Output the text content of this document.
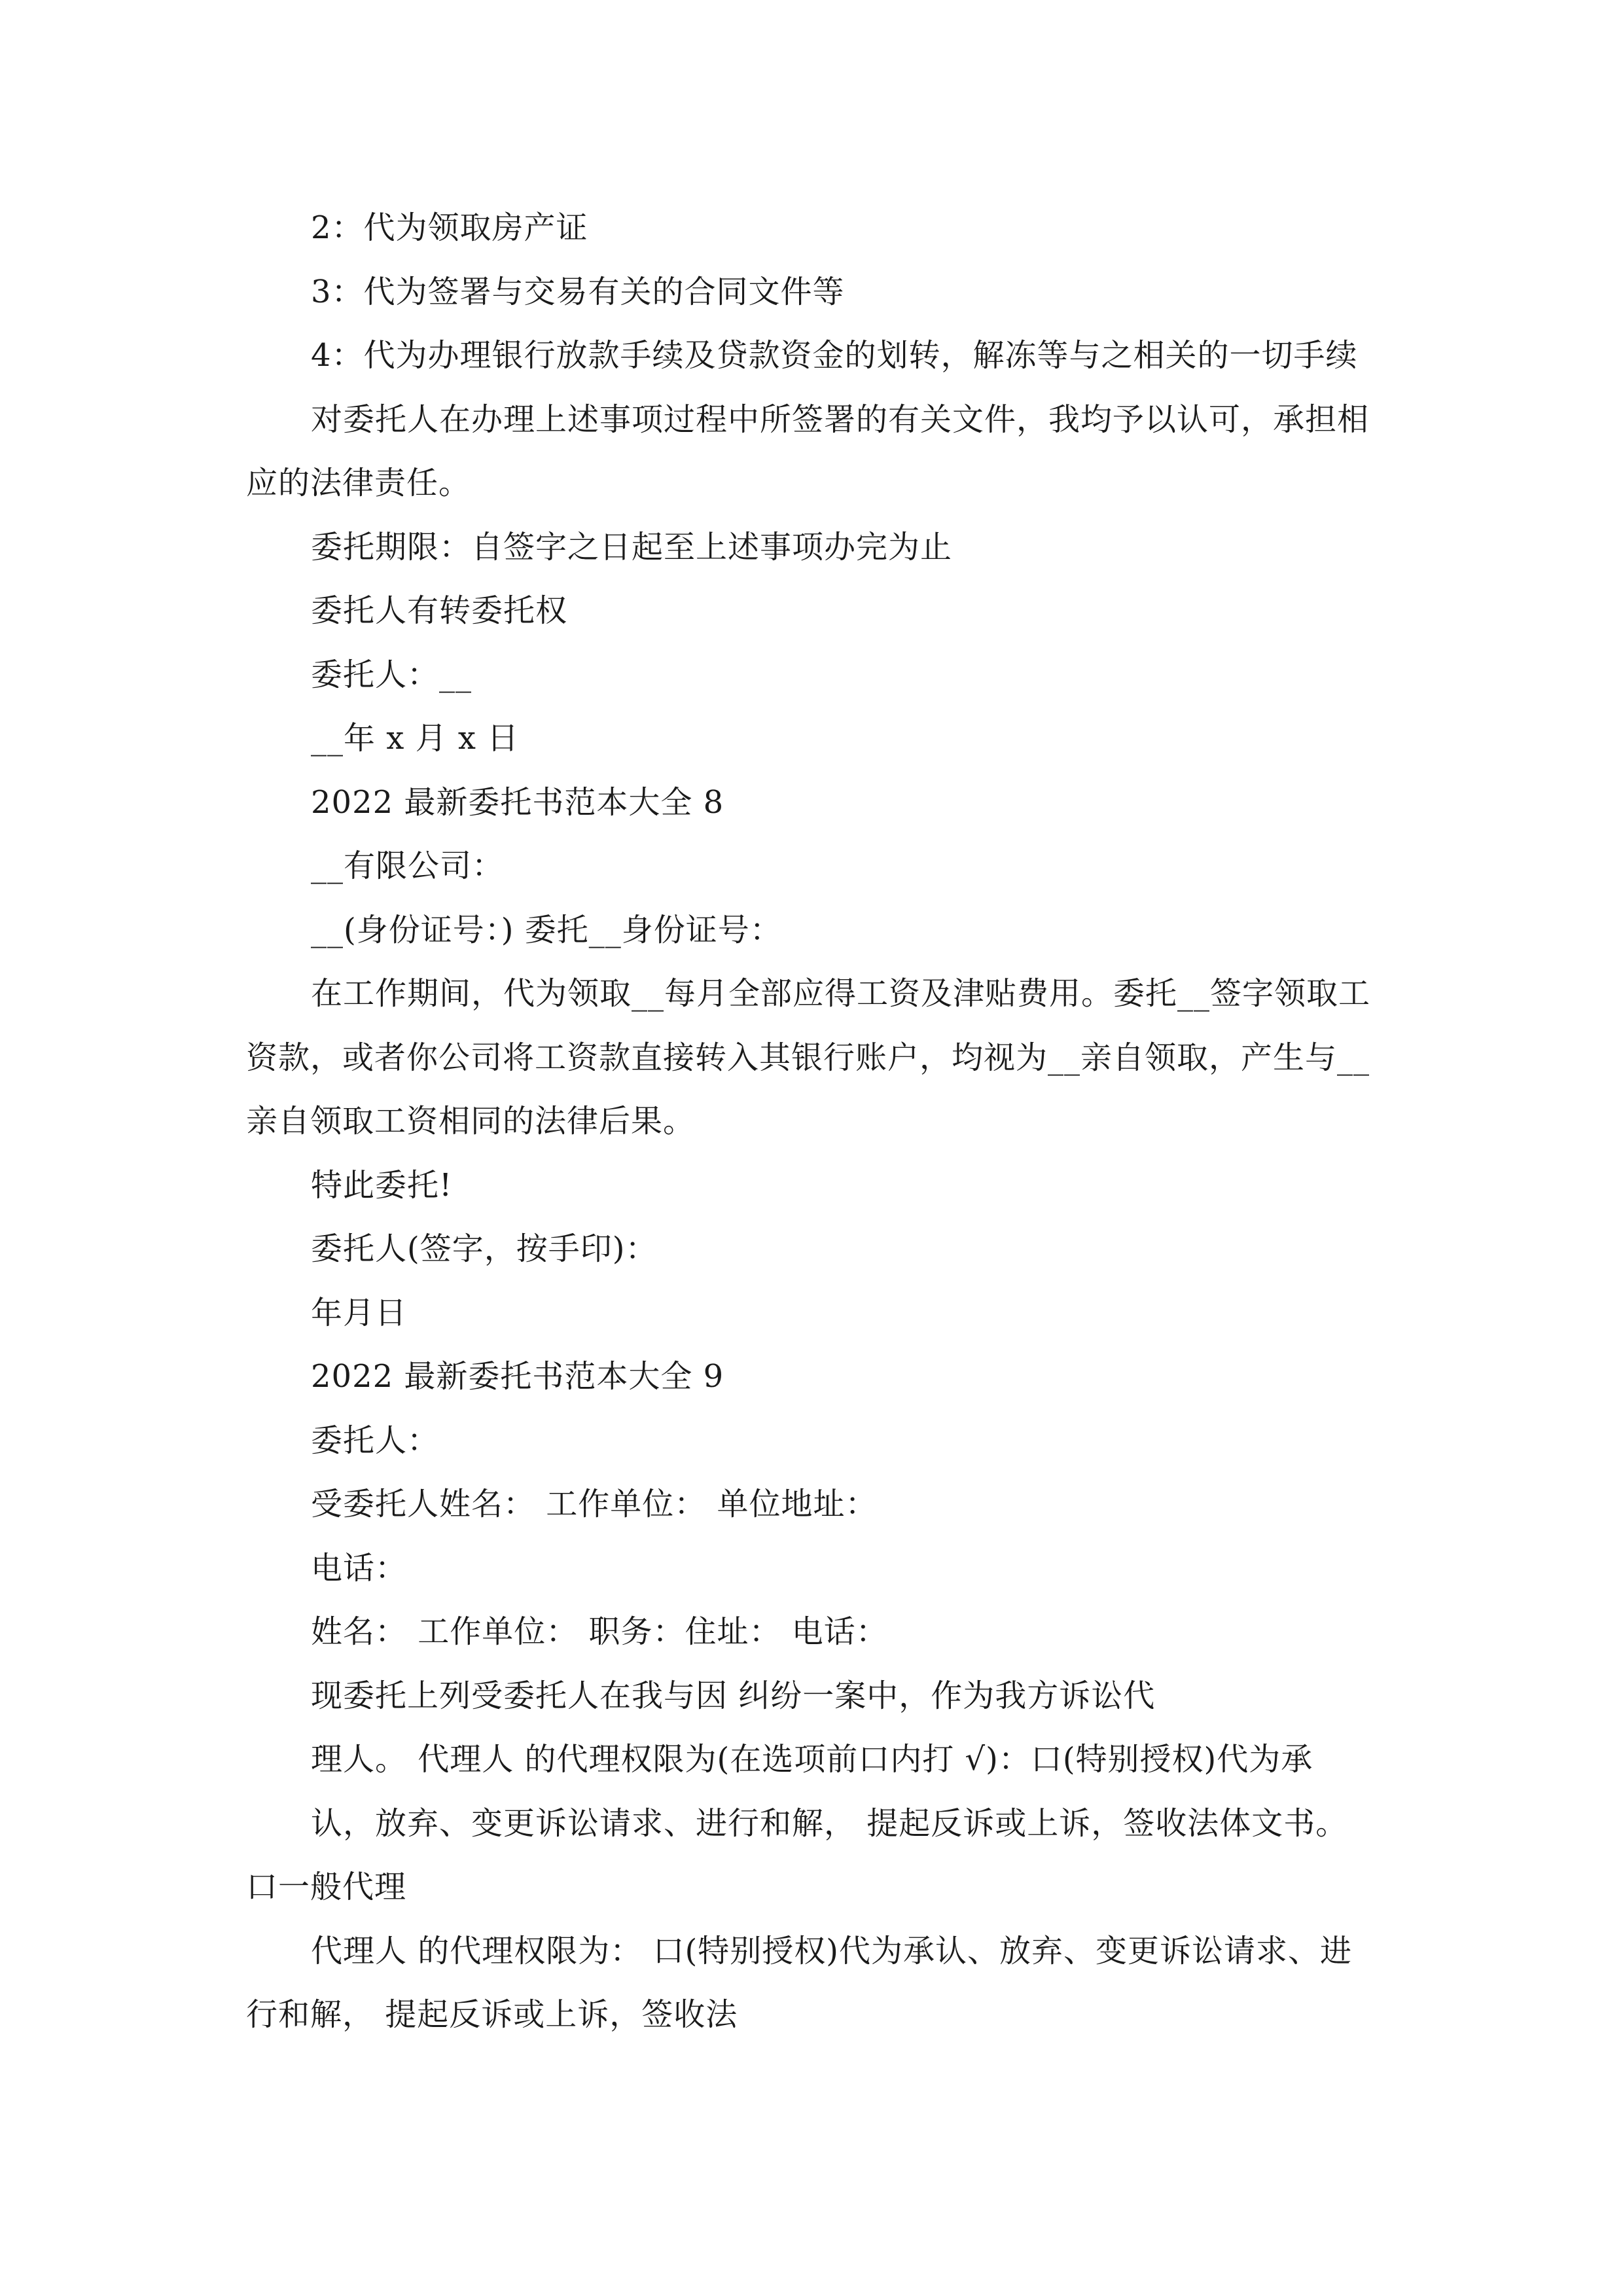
2：代为领取房产证
3：代为签署与交易有关的合同文件等
4：代为办理银行放款手续及贷款资金的划转，解冻等与之相关的一切手续
对委托人在办理上述事项过程中所签署的有关文件，我均予以认可，承担相
应的法律责任。
委托期限：自签字之日起至上述事项办完为止
委托人有转委托权
委托人：__
__年 x 月 x 日
2022 最新委托书范本大全 8
__有限公司：
__(身份证号：) 委托__身份证号：
在工作期间，代为领取__每月全部应得工资及津贴费用。委托__签字领取工
资款，或者你公司将工资款直接转入其银行账户，均视为__亲自领取，产生与__
亲自领取工资相同的法律后果。
特此委托!
委托人(签字，按手印)：
年月日
2022 最新委托书范本大全 9
委托人：
受委托人姓名： 工作单位： 单位地址：
电话：
姓名： 工作单位： 职务：住址： 电话：
现委托上列受委托人在我与因 纠纷一案中，作为我方诉讼代
理人。 代理人 的代理权限为(在选项前口内打 √)：口(特别授权)代为承
认，放弃、变更诉讼请求、进行和解， 提起反诉或上诉，签收法体文书。
口一般代理
代理人 的代理权限为： 口(特别授权)代为承认、放弃、变更诉讼请求、进
行和解， 提起反诉或上诉，签收法
